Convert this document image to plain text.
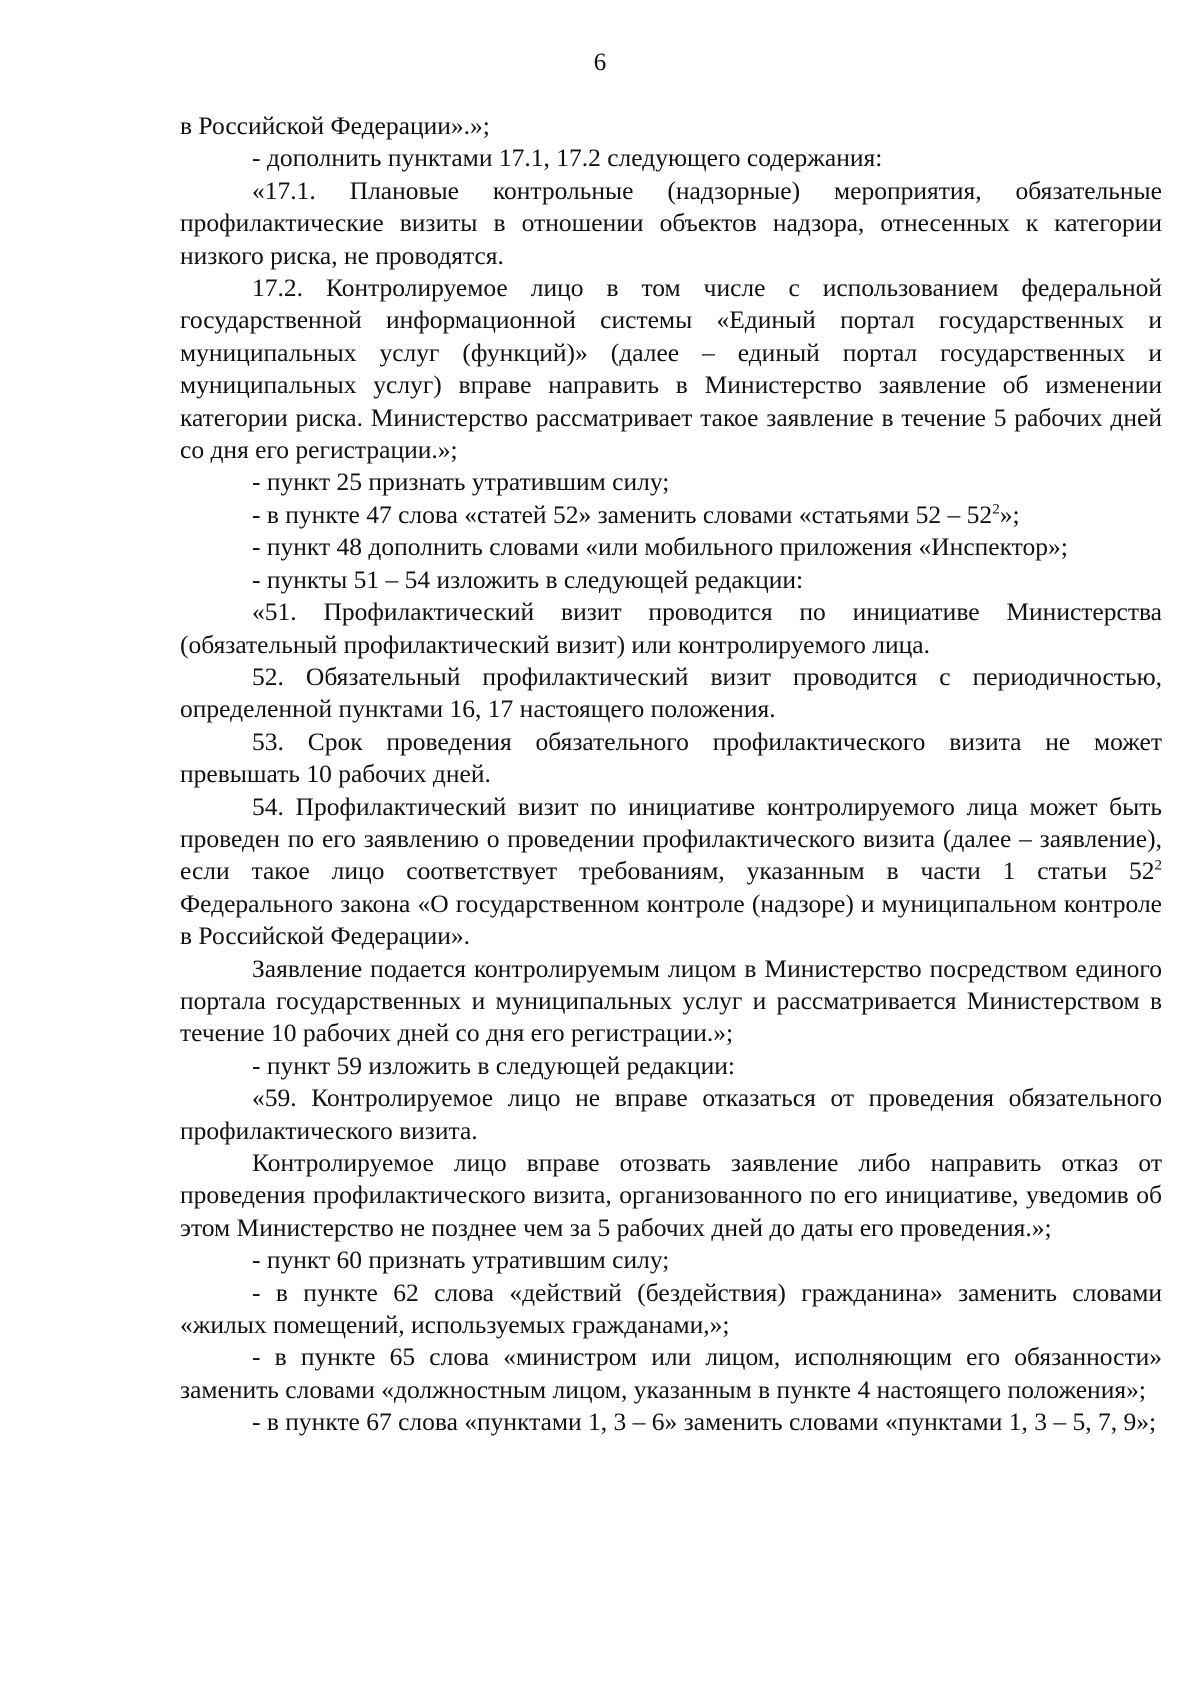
6

в Российской Федерации».»;

- дополнить пунктами 17.1, 17.2 следующего содержания:

«17.1. Плановые контрольные (надзорные) мероприятия, обязательные профилактические визиты в отношении объектов надзора, отнесенных к категории низкого риска, не проводятся.

17.2. Контролируемое лицо в том числе с использованием федеральной государственной информационной системы «Единый портал государственных и муниципальных услуг (функций)» (далее – единый портал государственных и муниципальных услуг) вправе направить в Министерство заявление об изменении категории риска. Министерство рассматривает такое заявление в течение 5 рабочих дней со дня его регистрации.»;

- пункт 25 признать утратившим силу;

- в пункте 47 слова «статей 52» заменить словами «статьями $52 - 52^2$»;

- пункт 48 дополнить словами «или мобильного приложения «Инспектор»;

- пункты 51 – 54 изложить в следующей редакции:

«51. Профилактический визит проводится по инициативе Министерства (обязательный профилактический визит) или контролируемого лица.

52. Обязательный профилактический визит проводится с периодичностью, определенной пунктами 16, 17 настоящего положения.

53. Срок проведения обязательного профилактического визита не может превышать 10 рабочих дней.

54. Профилактический визит по инициативе контролируемого лица может быть проведен по его заявлению о проведении профилактического визита (далее – заявление), если такое лицо соответствует требованиям, указанным в части 1 статьи $52^2$ Федерального закона «О государственном контроле (надзоре) и муниципальном контроле в Российской Федерации».

Заявление подается контролируемым лицом в Министерство посредством единого портала государственных и муниципальных услуг и рассматривается Министерством в течение 10 рабочих дней со дня его регистрации.»;

- пункт 59 изложить в следующей редакции:

«59. Контролируемое лицо не вправе отказаться от проведения обязательного профилактического визита.

Контролируемое лицо вправе отозвать заявление либо направить отказ от проведения профилактического визита, организованного по его инициативе, уведомив об этом Министерство не позднее чем за 5 рабочих дней до даты его проведения.»;

- пункт 60 признать утратившим силу;

- в пункте 62 слова «действий (бездействия) гражданина» заменить словами «жилых помещений, используемых гражданами,»;

- в пункте 65 слова «министром или лицом, исполняющим его обязанности» заменить словами «должностным лицом, указанным в пункте 4 настоящего положения»;

- в пункте 67 слова «пунктами 1, 3 – 6» заменить словами «пунктами 1, 3 – 5, 7, 9»;
